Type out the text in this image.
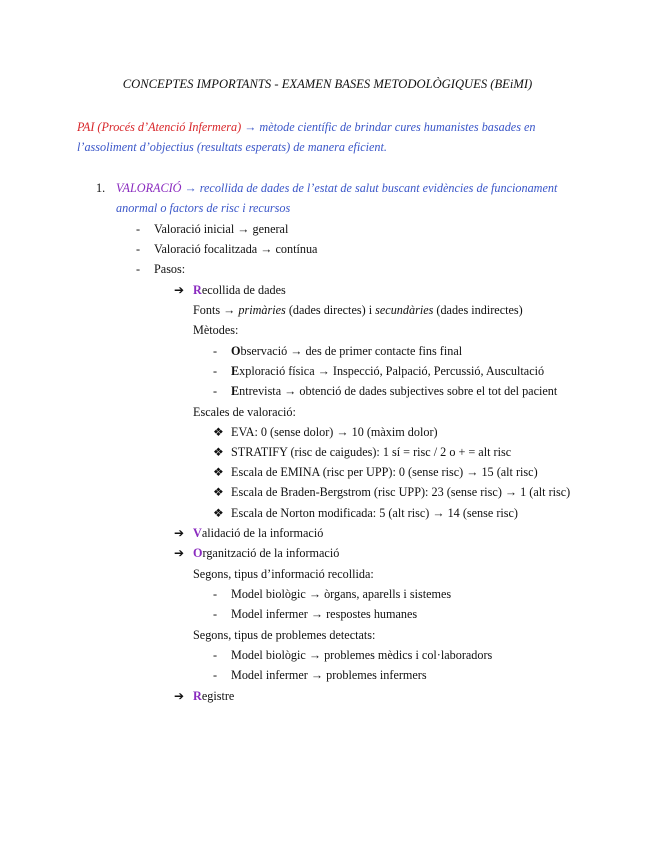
CONCEPTES IMPORTANTS - EXAMEN BASES METODOLÒGIQUES (BEiMI)
PAI (Procés d’Atenció Infermera) → mètode científic de brindar cures humanistes basades en
l’assoliment d’objectius (resultats esperats) de manera eficient.
1. VALORACIÓ → recollida de dades de l’estat de salut buscant evidències de funcionament
anormal o factors de risc i recursos
- Valoració inicial → general
- Valoració focalitzada → contínua
- Pasos:
➔ Recollida de dades
Fonts → primàries (dades directes) i secundàries (dades indirectes)
Mètodes:
- Observació → des de primer contacte fins final
- Exploració física → Inspecció, Palpació, Percussió, Auscultació
- Entrevista → obtenció de dades subjectives sobre el tot del pacient
Escales de valoració:
❖ EVA: 0 (sense dolor) → 10 (màxim dolor)
❖ STRATIFY (risc de caigudes): 1 sí = risc / 2 o + = alt risc
❖ Escala de EMINA (risc per UPP): 0 (sense risc) → 15 (alt risc)
❖ Escala de Braden-Bergstrom (risc UPP): 23 (sense risc) → 1 (alt risc)
❖ Escala de Norton modificada: 5 (alt risc) → 14 (sense risc)
➔ Validació de la informació
➔ Organització de la informació
Segons, tipus d’informació recollida:
- Model biològic → òrgans, aparells i sistemes
- Model infermer → respostes humanes
Segons, tipus de problemes detectats:
- Model biològic → problemes mèdics i col·laboradors
- Model infermer → problemes infermers
➔ Registre
